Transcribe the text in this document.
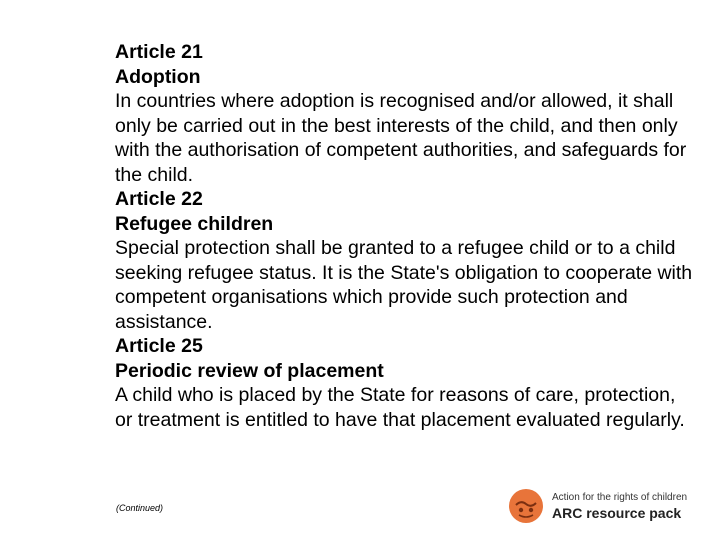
Article 21
Adoption
In countries where adoption is recognised and/or allowed, it shall only be carried out in the best interests of the child, and then only with the authorisation of competent authorities, and safeguards for the child.
Article 22
Refugee children
Special protection shall be granted to a refugee child or to a child seeking refugee status. It is the State's obligation to cooperate with competent organisations which provide such protection and assistance.
Article 25
Periodic review of placement
A child who is placed by the State for reasons of care, protection, or treatment is entitled to have that placement evaluated regularly.
(Continued)
Action for the rights of children
ARC resource pack
